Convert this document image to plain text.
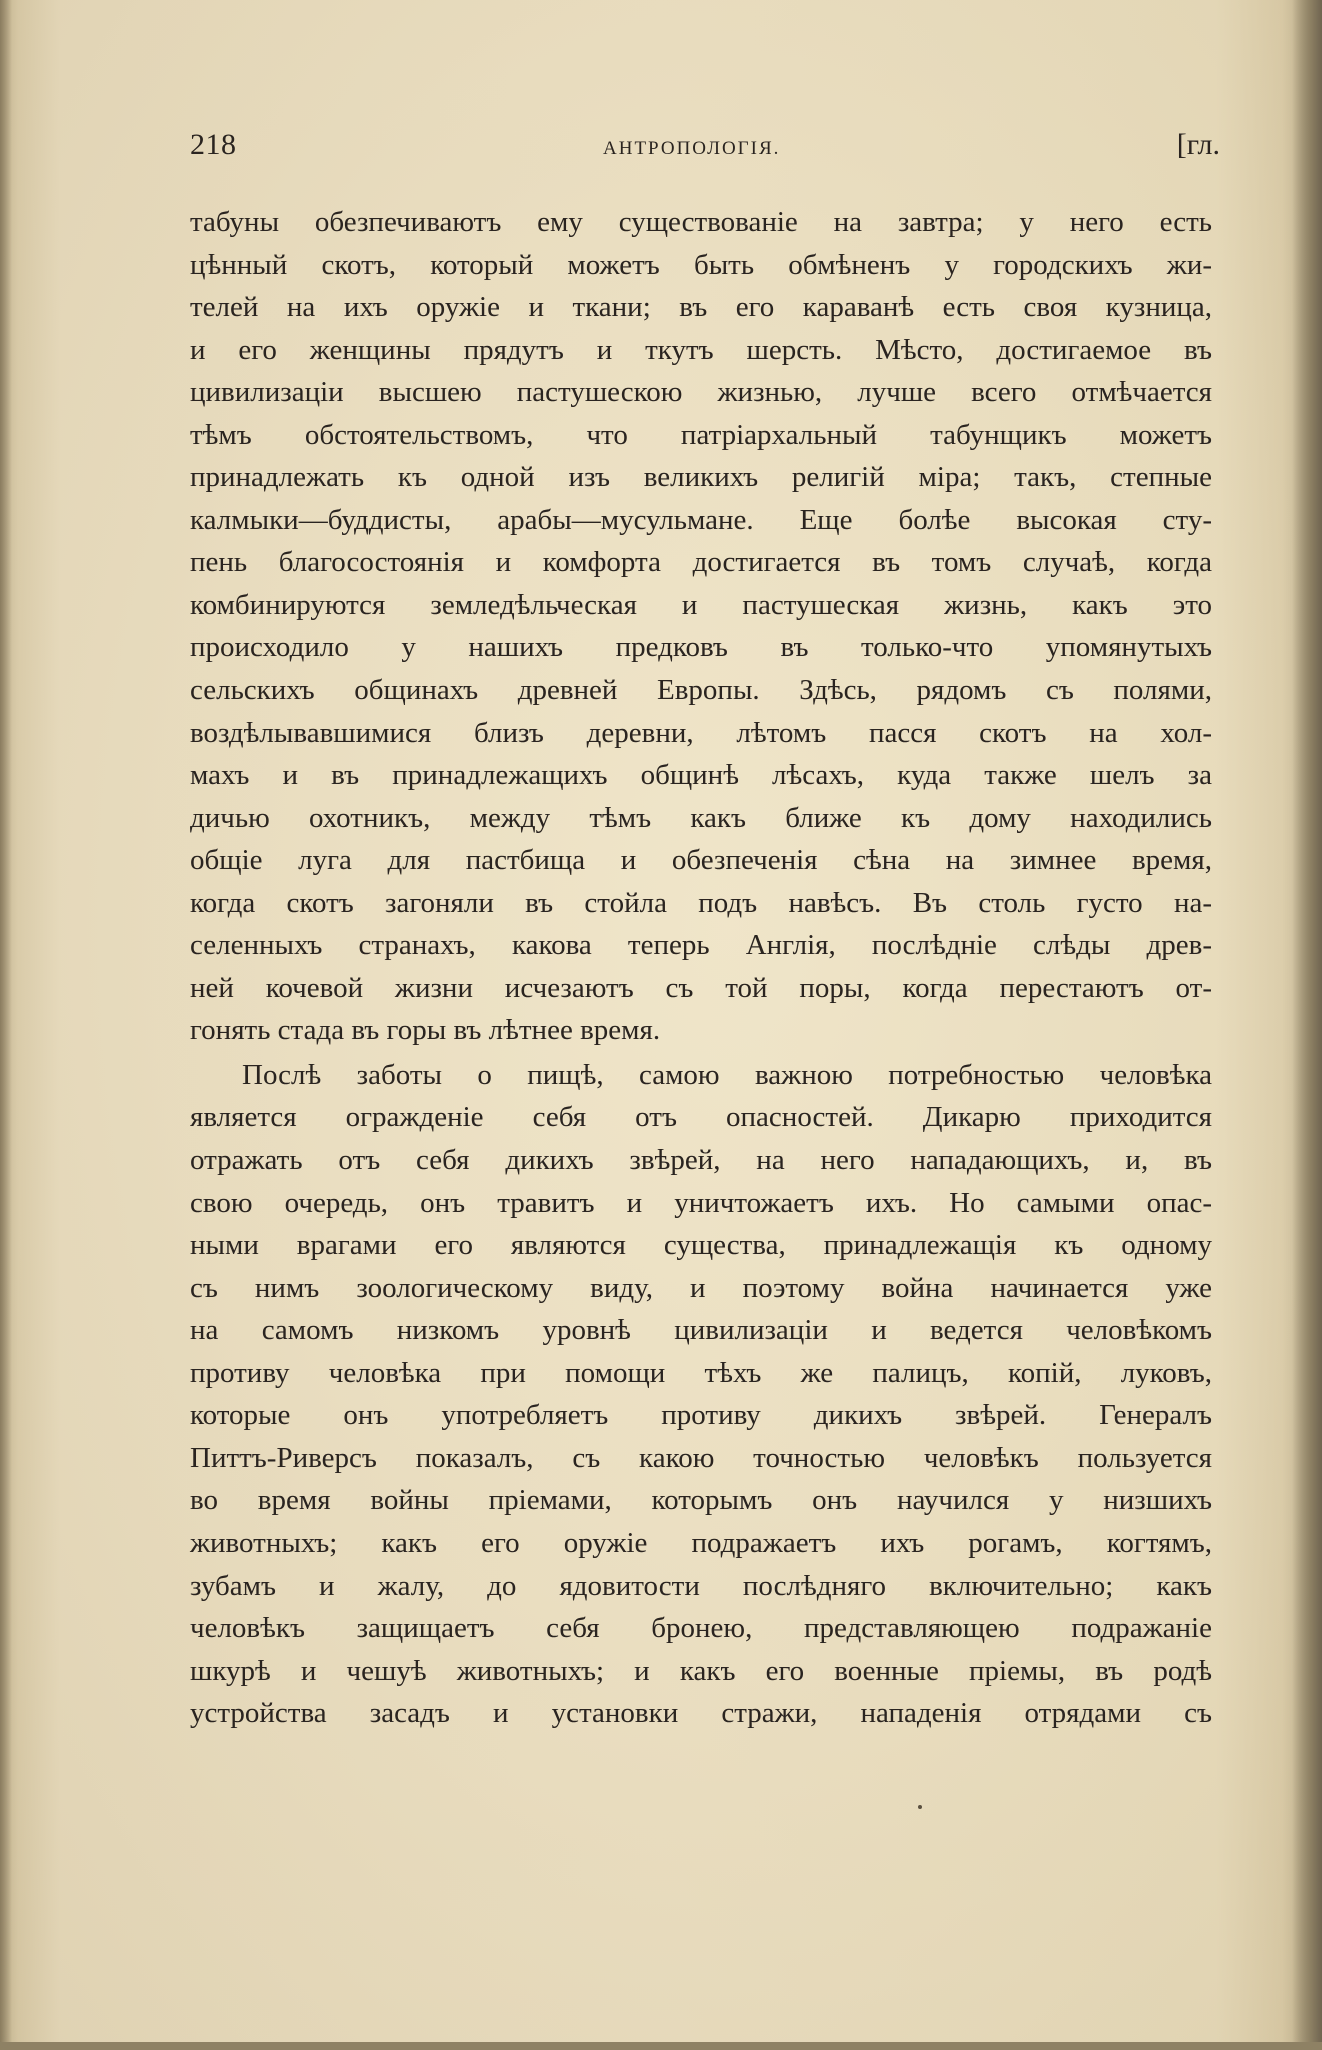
218	АНТРОПОЛОГІЯ.	[гл.
табуны обезпечиваютъ ему существованіе на завтра; у него есть
цѣнный скотъ, который можетъ быть обмѣненъ у городскихъ жи-
телей на ихъ оружіе и ткани; въ его караванѣ есть своя кузница,
и его женщины прядутъ и ткутъ шерсть. Мѣсто, достигаемое въ
цивилизаціи высшею пастушескою жизнью, лучше всего отмѣчается
тѣмъ обстоятельствомъ, что патріархальный табунщикъ можетъ
принадлежать къ одной изъ великихъ религій міра; такъ, степные
калмыки—буддисты, арабы—мусульмане. Еще болѣе высокая сту-
пень благосостоянія и комфорта достигается въ томъ случаѣ, когда
комбинируются земледѣльческая и пастушеская жизнь, какъ это
происходило у нашихъ предковъ въ только-что упомянутыхъ
сельскихъ общинахъ древней Европы. Здѣсь, рядомъ съ полями,
воздѣлывавшимися близъ деревни, лѣтомъ пасся скотъ на хол-
махъ и въ принадлежащихъ общинѣ лѣсахъ, куда также шелъ за
дичью охотникъ, между тѣмъ какъ ближе къ дому находились
общіе луга для пастбища и обезпеченія сѣна на зимнее время,
когда скотъ загоняли въ стойла подъ навѣсъ. Въ столь густо на-
селенныхъ странахъ, какова теперь Англія, послѣдніе слѣды древ-
ней кочевой жизни исчезаютъ съ той поры, когда перестаютъ от-
гонять стада въ горы въ лѣтнее время.
Послѣ заботы о пищѣ, самою важною потребностью человѣка
является огражденіе себя отъ опасностей. Дикарю приходится
отражать отъ себя дикихъ звѣрей, на него нападающихъ, и, въ
свою очередь, онъ травитъ и уничтожаетъ ихъ. Но самыми опас-
ными врагами его являются существа, принадлежащія къ одному
съ нимъ зоологическому виду, и поэтому война начинается уже
на самомъ низкомъ уровнѣ цивилизаціи и ведется человѣкомъ
противу человѣка при помощи тѣхъ же палицъ, копій, луковъ,
которые онъ употребляетъ противу дикихъ звѣрей. Генералъ
Питтъ-Риверсъ показалъ, съ какою точностью человѣкъ пользуется
во время войны пріемами, которымъ онъ научился у низшихъ
животныхъ; какъ его оружіе подражаетъ ихъ рогамъ, когтямъ,
зубамъ и жалу, до ядовитости послѣдняго включительно; какъ
человѣкъ защищаетъ себя бронею, представляющею подражаніе
шкурѣ и чешуѣ животныхъ; и какъ его военные пріемы, въ родѣ
устройства засадъ и установки стражи, нападенія отрядами съ
